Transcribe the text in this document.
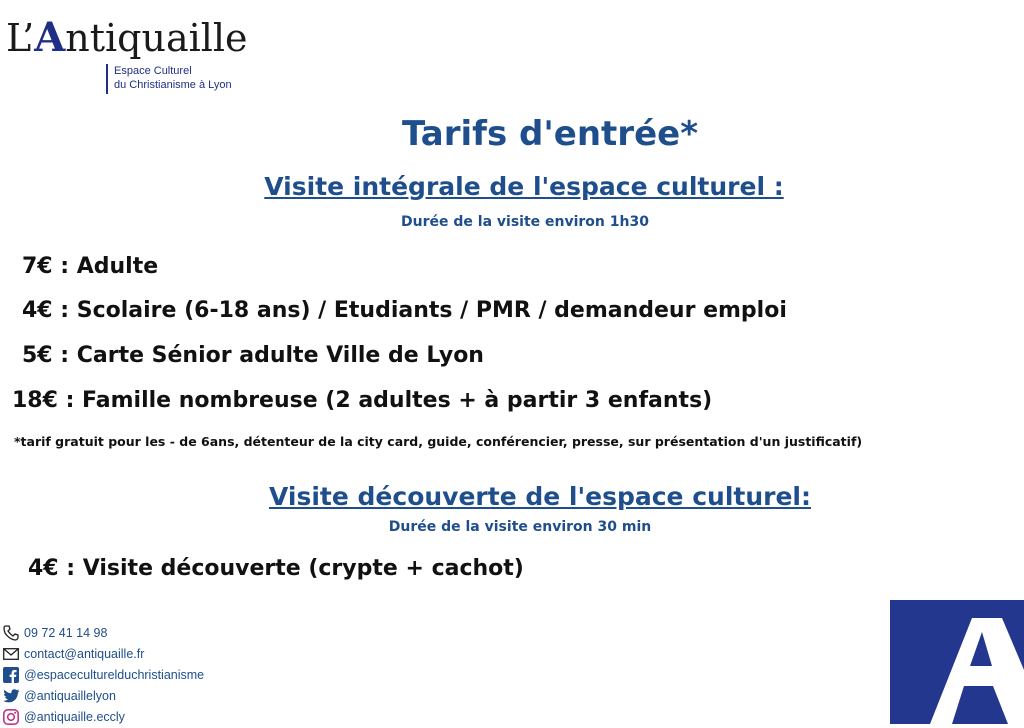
L’Antiquaille
Espace Culturel
du Christianisme à Lyon
Tarifs d'entrée*
Visite intégrale de l'espace culturel :
Durée de la visite environ 1h30
7€ : Adulte
4€ : Scolaire (6-18 ans) / Etudiants / PMR / demandeur emploi
5€ : Carte Sénior adulte Ville de Lyon
18€ : Famille nombreuse (2 adultes + à partir 3 enfants)
*tarif gratuit pour les - de 6ans, détenteur de la city card, guide, conférencier, presse, sur présentation d'un justificatif)
Visite découverte de l'espace culturel:
Durée de la visite environ 30 min
4€ : Visite découverte (crypte + cachot)
09 72 41 14 98
contact@antiquaille.fr
@espaceculturelduchristianisme
@antiquaillelyon
@antiquaille.eccly
